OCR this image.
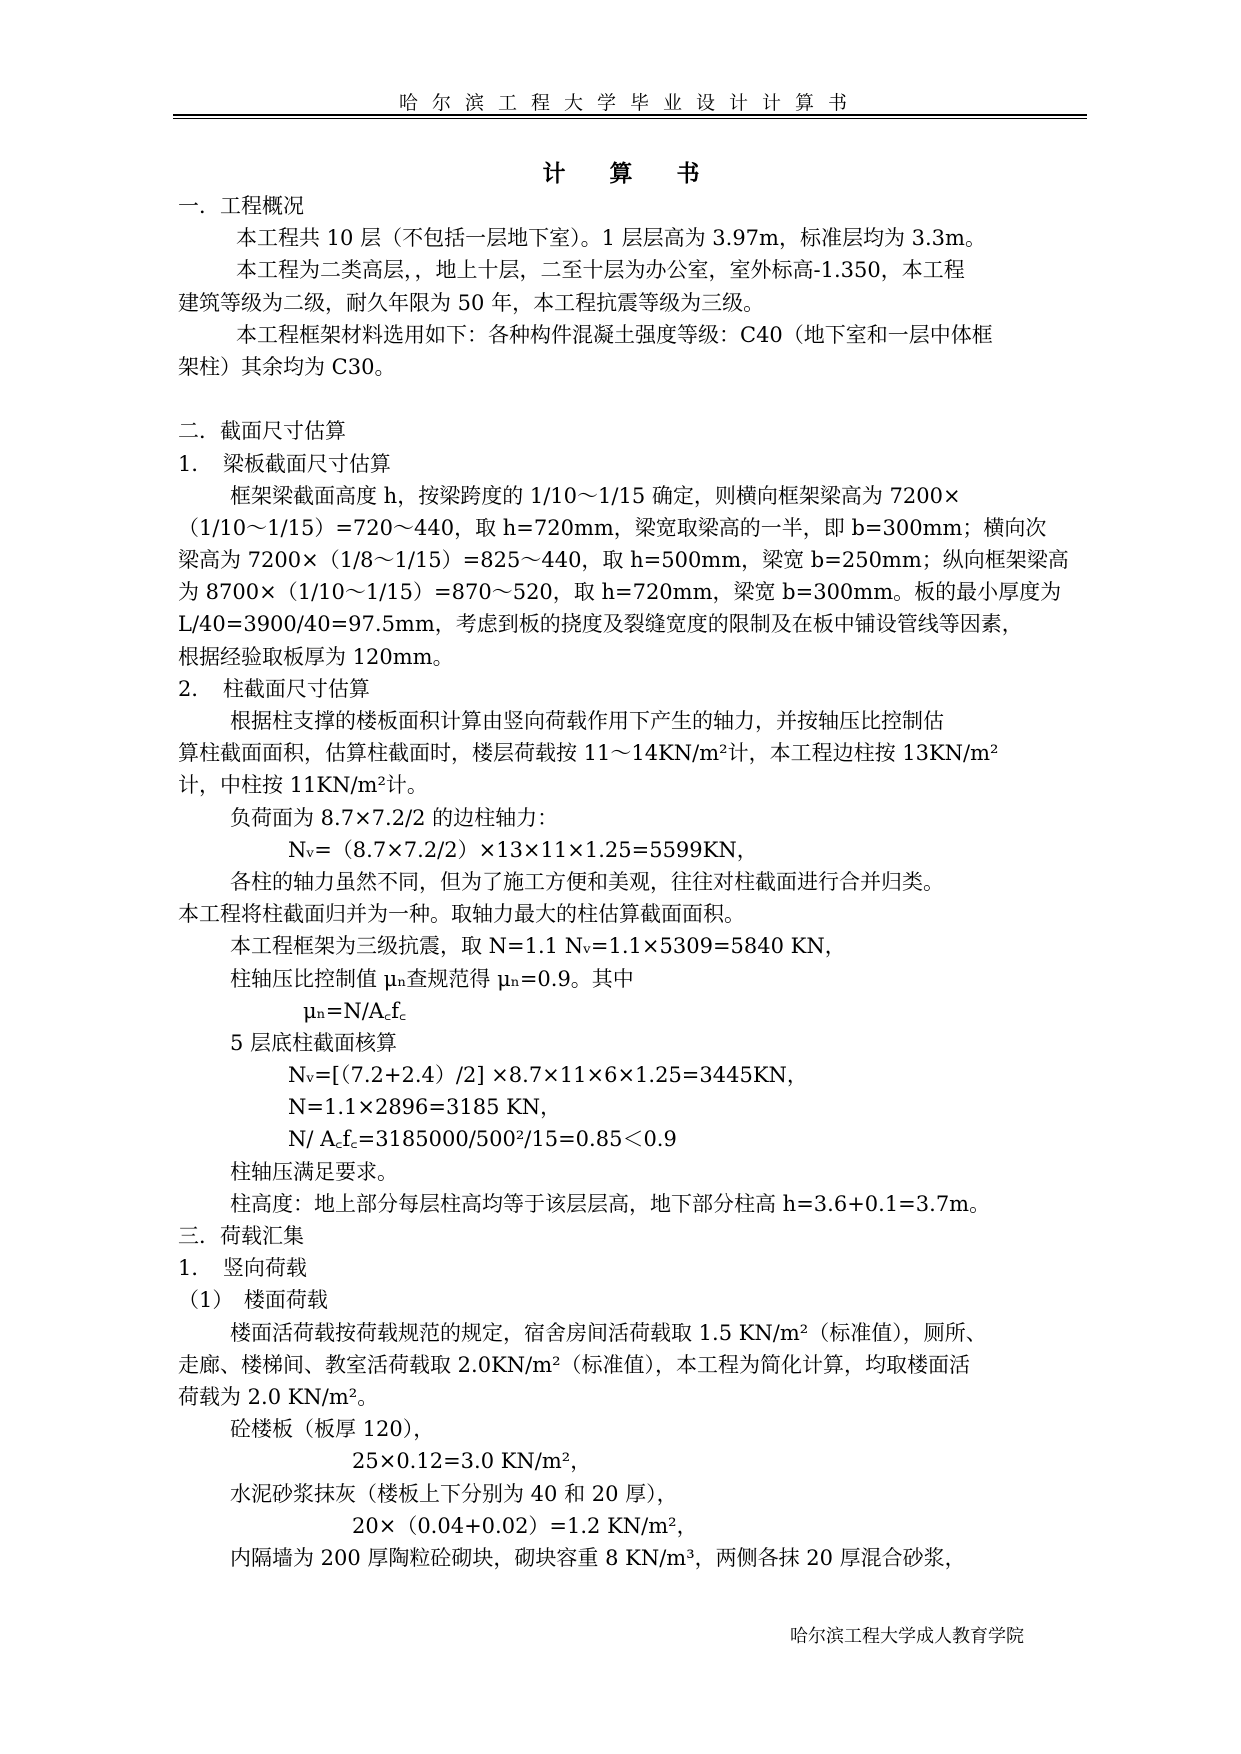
哈尔滨工程大学毕业设计计算书
计 算 书
一．工程概况
本工程共 10 层（不包括一层地下室）。1 层层高为 3.97m，标准层均为 3.3m。
本工程为二类高层，，地上十层，二至十层为办公室，室外标高-1.350，本工程
建筑等级为二级，耐久年限为 50 年，本工程抗震等级为三级。
本工程框架材料选用如下：各种构件混凝土强度等级：C40（地下室和一层中体框
架柱）其余均为 C30。
二．截面尺寸估算
1．　梁板截面尺寸估算
框架梁截面高度 h，按梁跨度的 1/10～1/15 确定，则横向框架梁高为 7200×
（1/10～1/15）=720～440，取 h=720mm，梁宽取梁高的一半，即 b=300mm；横向次
梁高为 7200×（1/8～1/15）=825～440，取 h=500mm，梁宽 b=250mm；纵向框架梁高
为 8700×（1/10～1/15）=870～520，取 h=720mm，梁宽 b=300mm。板的最小厚度为
L/40=3900/40=97.5mm，考虑到板的挠度及裂缝宽度的限制及在板中铺设管线等因素，
根据经验取板厚为 120mm。
2．　柱截面尺寸估算
根据柱支撑的楼板面积计算由竖向荷载作用下产生的轴力，并按轴压比控制估
算柱截面面积，估算柱截面时，楼层荷载按 11～14KN/m²计，本工程边柱按 13KN/m²
计，中柱按 11KN/m²计。
负荷面为 8.7×7.2/2 的边柱轴力：
Nᵥ=（8.7×7.2/2）×13×11×1.25=5599KN，
各柱的轴力虽然不同，但为了施工方便和美观，往往对柱截面进行合并归类。
本工程将柱截面归并为一种。取轴力最大的柱估算截面面积。
本工程框架为三级抗震，取 N=1.1 Nᵥ=1.1×5309=5840 KN，
柱轴压比控制值 μₙ查规范得 μₙ=0.9。其中
μₙ=N/A꜀f꜀
5 层底柱截面核算
Nᵥ=[（7.2+2.4）/2] ×8.7×11×6×1.25=3445KN，
N=1.1×2896=3185 KN，
N/ A꜀f꜀=3185000/500²/15=0.85＜0.9
柱轴压满足要求。
柱高度：地上部分每层柱高均等于该层层高，地下部分柱高 h=3.6+0.1=3.7m。
三．荷载汇集
1．　竖向荷载
（1）　楼面荷载
楼面活荷载按荷载规范的规定，宿舍房间活荷载取 1.5 KN/m²（标准值），厕所、
走廊、楼梯间、教室活荷载取 2.0KN/m²（标准值），本工程为简化计算，均取楼面活
荷载为 2.0 KN/m²。
砼楼板（板厚 120），
25×0.12=3.0 KN/m²，
水泥砂浆抹灰（楼板上下分别为 40 和 20 厚），
20×（0.04+0.02）=1.2 KN/m²，
内隔墙为 200 厚陶粒砼砌块，砌块容重 8 KN/m³，两侧各抹 20 厚混合砂浆，
哈尔滨工程大学成人教育学院
